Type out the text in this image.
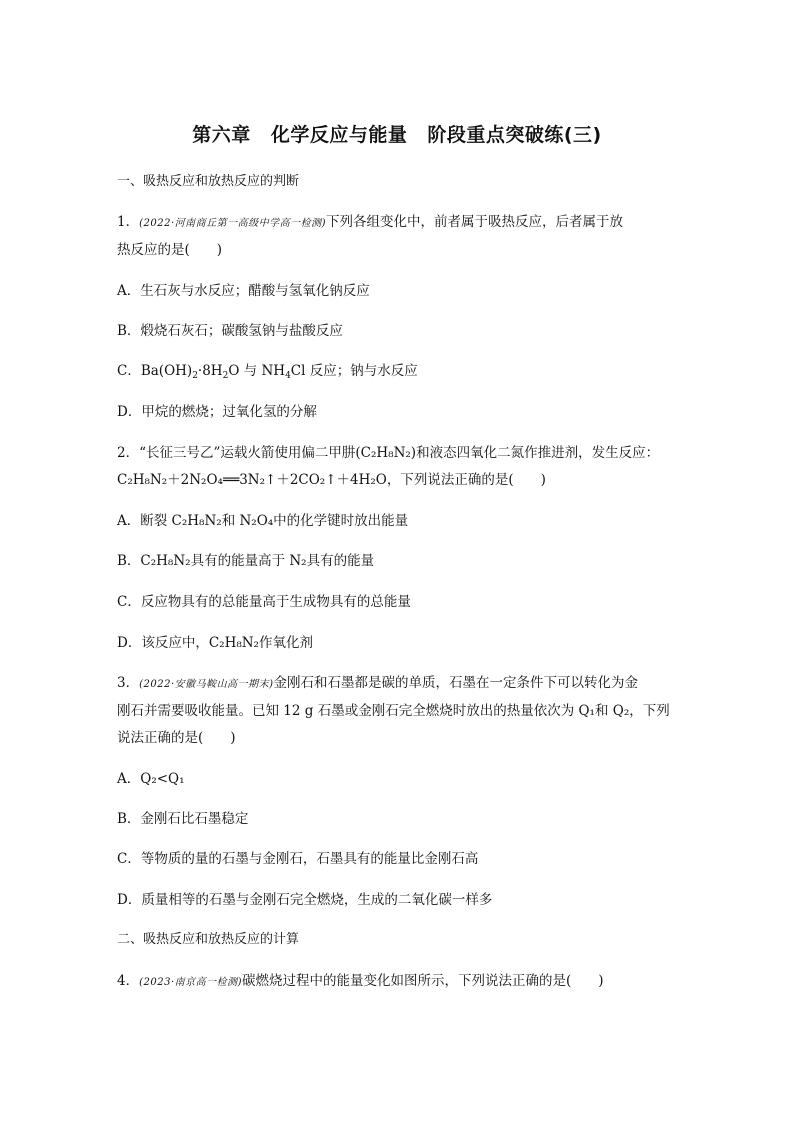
第六章 化学反应与能量 阶段重点突破练(三)
一、吸热反应和放热反应的判断
1．(2022·河南商丘第一高级中学高一检测)下列各组变化中，前者属于吸热反应，后者属于放
热反应的是(　　)
A．生石灰与水反应；醋酸与氢氧化钠反应
B．煅烧石灰石；碳酸氢钠与盐酸反应
C．$Ba(OH)_2\cdot 8H_2O$ 与 $NH_4Cl$ 反应；钠与水反应
D．甲烷的燃烧；过氧化氢的分解
2．“长征三号乙”运载火箭使用偏二甲肼(C₂H₈N₂)和液态四氧化二氮作推进剂，发生反应：
C₂H₈N₂＋2N₂O₄══3N₂↑＋2CO₂↑＋4H₂O，下列说法正确的是(　　)
A．断裂 C₂H₈N₂和 N₂O₄中的化学键时放出能量
B．C₂H₈N₂具有的能量高于 N₂具有的能量
C．反应物具有的总能量高于生成物具有的总能量
D．该反应中，C₂H₈N₂作氧化剂
3．(2022·安徽马鞍山高一期末)金刚石和石墨都是碳的单质，石墨在一定条件下可以转化为金
刚石并需要吸收能量。已知 12 g 石墨或金刚石完全燃烧时放出的热量依次为 Q₁和 Q₂，下列
说法正确的是(　　)
A．Q₂<Q₁
B．金刚石比石墨稳定
C．等物质的量的石墨与金刚石，石墨具有的能量比金刚石高
D．质量相等的石墨与金刚石完全燃烧，生成的二氧化碳一样多
二、吸热反应和放热反应的计算
4．(2023·南京高一检测)碳燃烧过程中的能量变化如图所示，下列说法正确的是(　　)
